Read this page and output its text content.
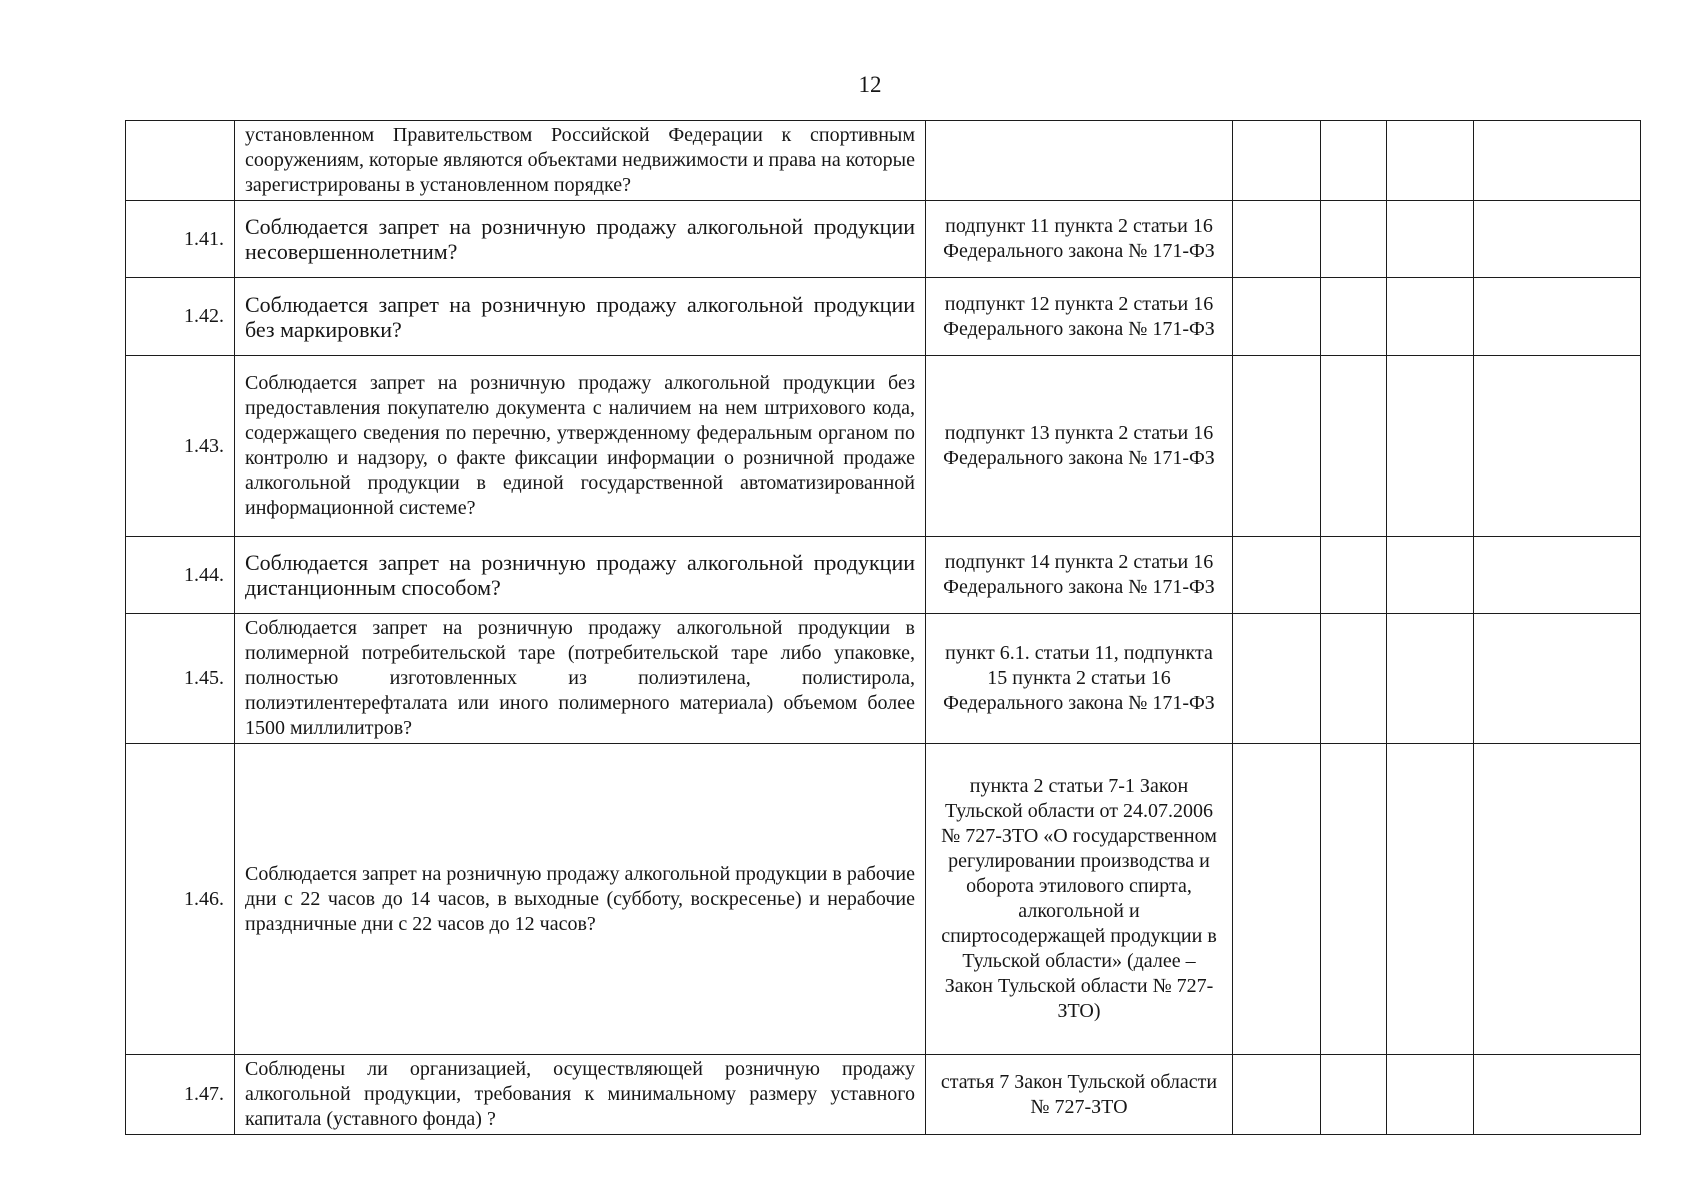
12
	установленном Правительством Российской Федерации к спортивным сооружениям, которые являются объектами недвижимости и права на которые зарегистрированы в установленном порядке?					
1.41.	Соблюдается запрет на розничную продажу алкогольной продукции несовершеннолетним?	подпункт 11 пункта 2 статьи 16 Федерального закона № 171-ФЗ				
1.42.	Соблюдается запрет на розничную продажу алкогольной продукции без маркировки?	подпункт 12 пункта 2 статьи 16 Федерального закона № 171-ФЗ				
1.43.	Соблюдается запрет на розничную продажу алкогольной продукции без предоставления покупателю документа с наличием на нем штрихового кода, содержащего сведения по перечню, утвержденному федеральным органом по контролю и надзору, о факте фиксации информации о розничной продаже алкогольной продукции в единой государственной автоматизированной информационной системе?	подпункт 13 пункта 2 статьи 16 Федерального закона № 171-ФЗ				
1.44.	Соблюдается запрет на розничную продажу алкогольной продукции дистанционным способом?	подпункт 14 пункта 2 статьи 16 Федерального закона № 171-ФЗ				
1.45.	Соблюдается запрет на розничную продажу алкогольной продукции в полимерной потребительской таре (потребительской таре либо упаковке, полностью изготовленных из полиэтилена, полистирола, полиэтилентерефталата или иного полимерного материала) объемом более 1500 миллилитров?	пункт 6.1. статьи 11, подпункта 15 пункта 2 статьи 16 Федерального закона № 171-ФЗ				
1.46.	Соблюдается запрет на розничную продажу алкогольной продукции в рабочие дни с 22 часов до 14 часов, в выходные (субботу, воскресенье) и нерабочие праздничные дни с 22 часов до 12 часов?	пункта 2 статьи 7-1 Закон Тульской области от 24.07.2006 № 727-ЗТО «О государственном регулировании производства и оборота этилового спирта, алкогольной и спиртосодержащей продукции в Тульской области» (далее – Закон Тульской области № 727-ЗТО)				
1.47.	Соблюдены ли организацией, осуществляющей розничную продажу алкогольной продукции, требования к минимальному размеру уставного капитала (уставного фонда) ?	статья 7 Закон Тульской области № 727-ЗТО				
